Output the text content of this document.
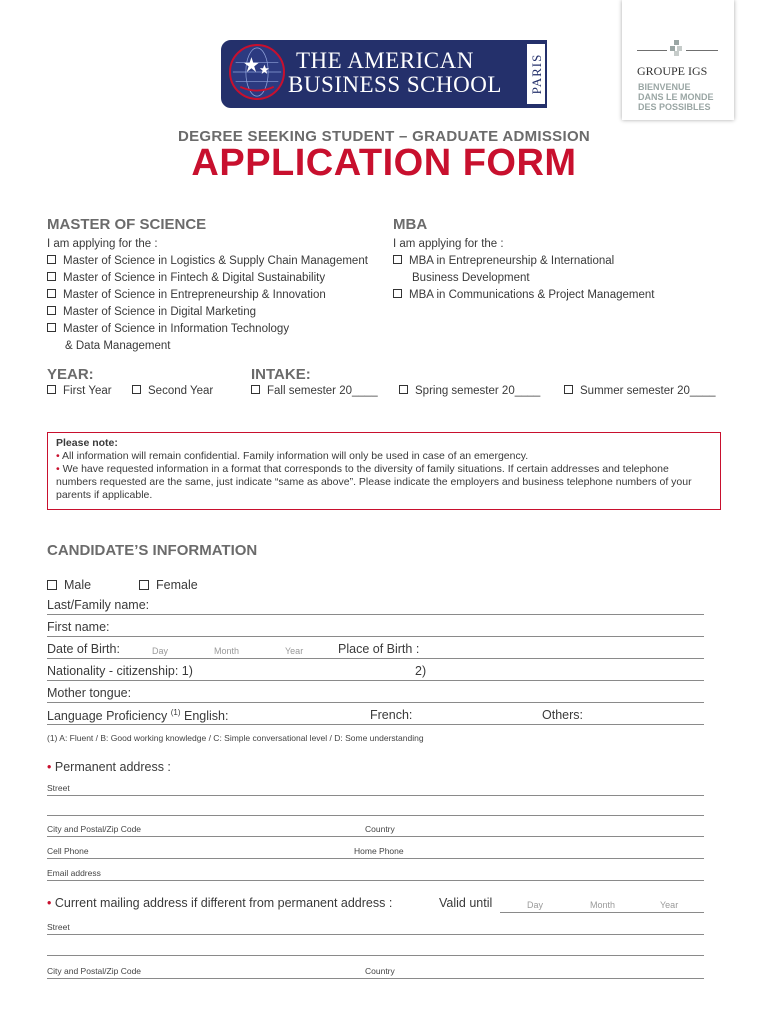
THE AMERICAN
BUSINESS SCHOOL PARIS	GROUPE IGS
BIENVENUE
DANS LE MONDE
DES POSSIBLES
DEGREE SEEKING STUDENT – GRADUATE ADMISSION
APPLICATION FORM
MASTER OF SCIENCE
I am applying for the :
Master of Science in Logistics & Supply Chain Management
Master of Science in Fintech & Digital Sustainability
Master of Science in Entrepreneurship & Innovation
Master of Science in Digital Marketing
Master of Science in Information Technology
& Data Management
MBA
I am applying for the :
MBA in Entrepreneurship & International
Business Development
MBA in Communications & Project Management
YEAR:	INTAKE:
First Year	Second Year	Fall semester 20____	Spring semester 20____	Summer semester 20____
Please note:
• All information will remain confidential. Family information will only be used in case of an emergency.
• We have requested information in a format that corresponds to the diversity of family situations. If certain addresses and telephone numbers requested are the same, just indicate “same as above”. Please indicate the employers and business telephone numbers of your parents if applicable.
CANDIDATE’S INFORMATION
Male	Female
Last/Family name:
First name:
Date of Birth:	Day	Month	Year	Place of Birth :
Nationality - citizenship: 1)	2)
Mother tongue:
Language Proficiency $^{(1)}$ English:	French:	Others:
(1) A: Fluent / B: Good working knowledge / C: Simple conversational level / D: Some understanding
• Permanent address :
Street
City and Postal/Zip Code	Country
Cell Phone	Home Phone
Email address
• Current mailing address if different from permanent address :	Valid until	Day	Month	Year
Street
City and Postal/Zip Code	Country
